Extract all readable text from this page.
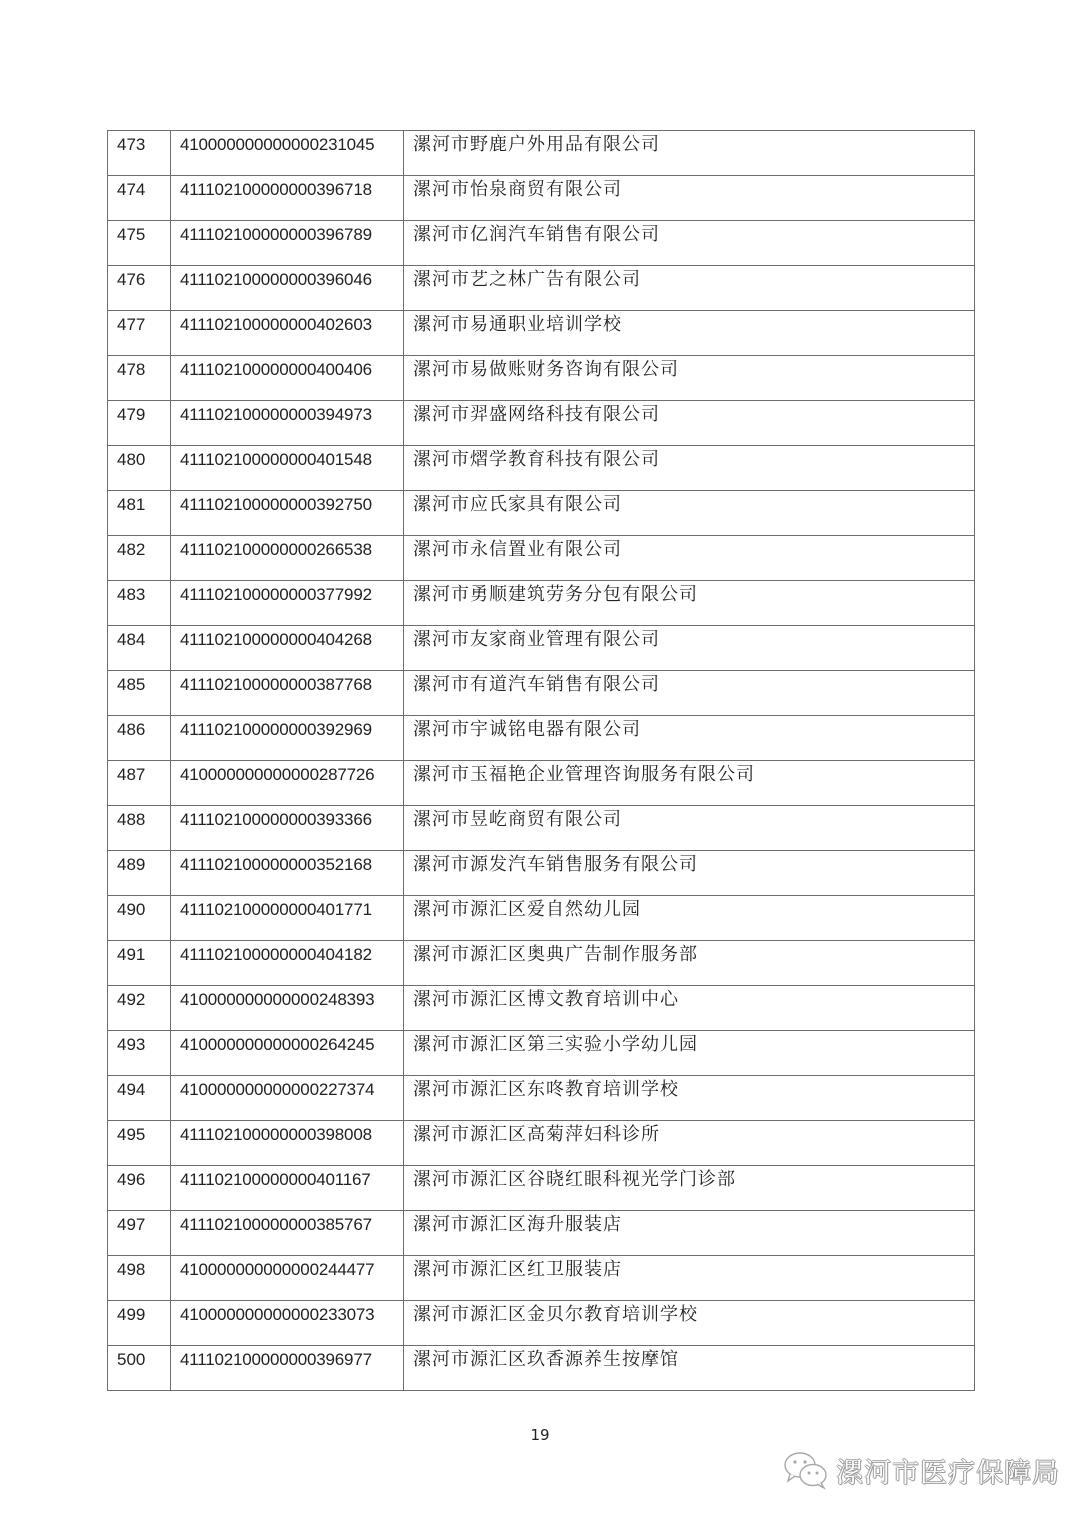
473	410000000000000231045	漯河市野鹿户外用品有限公司

474	411102100000000396718	漯河市怡泉商贸有限公司

475	411102100000000396789	漯河市亿润汽车销售有限公司

476	411102100000000396046	漯河市艺之林广告有限公司

477	411102100000000402603	漯河市易通职业培训学校

478	411102100000000400406	漯河市易做账财务咨询有限公司

479	411102100000000394973	漯河市羿盛网络科技有限公司

480	411102100000000401548	漯河市熠学教育科技有限公司

481	411102100000000392750	漯河市应氏家具有限公司

482	411102100000000266538	漯河市永信置业有限公司

483	411102100000000377992	漯河市勇顺建筑劳务分包有限公司

484	411102100000000404268	漯河市友家商业管理有限公司

485	411102100000000387768	漯河市有道汽车销售有限公司

486	411102100000000392969	漯河市宇诚铭电器有限公司

487	410000000000000287726	漯河市玉福艳企业管理咨询服务有限公司

488	411102100000000393366	漯河市昱屹商贸有限公司

489	411102100000000352168	漯河市源发汽车销售服务有限公司

490	411102100000000401771	漯河市源汇区爱自然幼儿园

491	411102100000000404182	漯河市源汇区奥典广告制作服务部

492	410000000000000248393	漯河市源汇区博文教育培训中心

493	410000000000000264245	漯河市源汇区第三实验小学幼儿园

494	410000000000000227374	漯河市源汇区东咚教育培训学校

495	411102100000000398008	漯河市源汇区高菊萍妇科诊所

496	411102100000000401167	漯河市源汇区谷晓红眼科视光学门诊部

497	411102100000000385767	漯河市源汇区海升服装店

498	410000000000000244477	漯河市源汇区红卫服装店

499	410000000000000233073	漯河市源汇区金贝尔教育培训学校

500	411102100000000396977	漯河市源汇区玖香源养生按摩馆
19
漯河市医疗保障局
